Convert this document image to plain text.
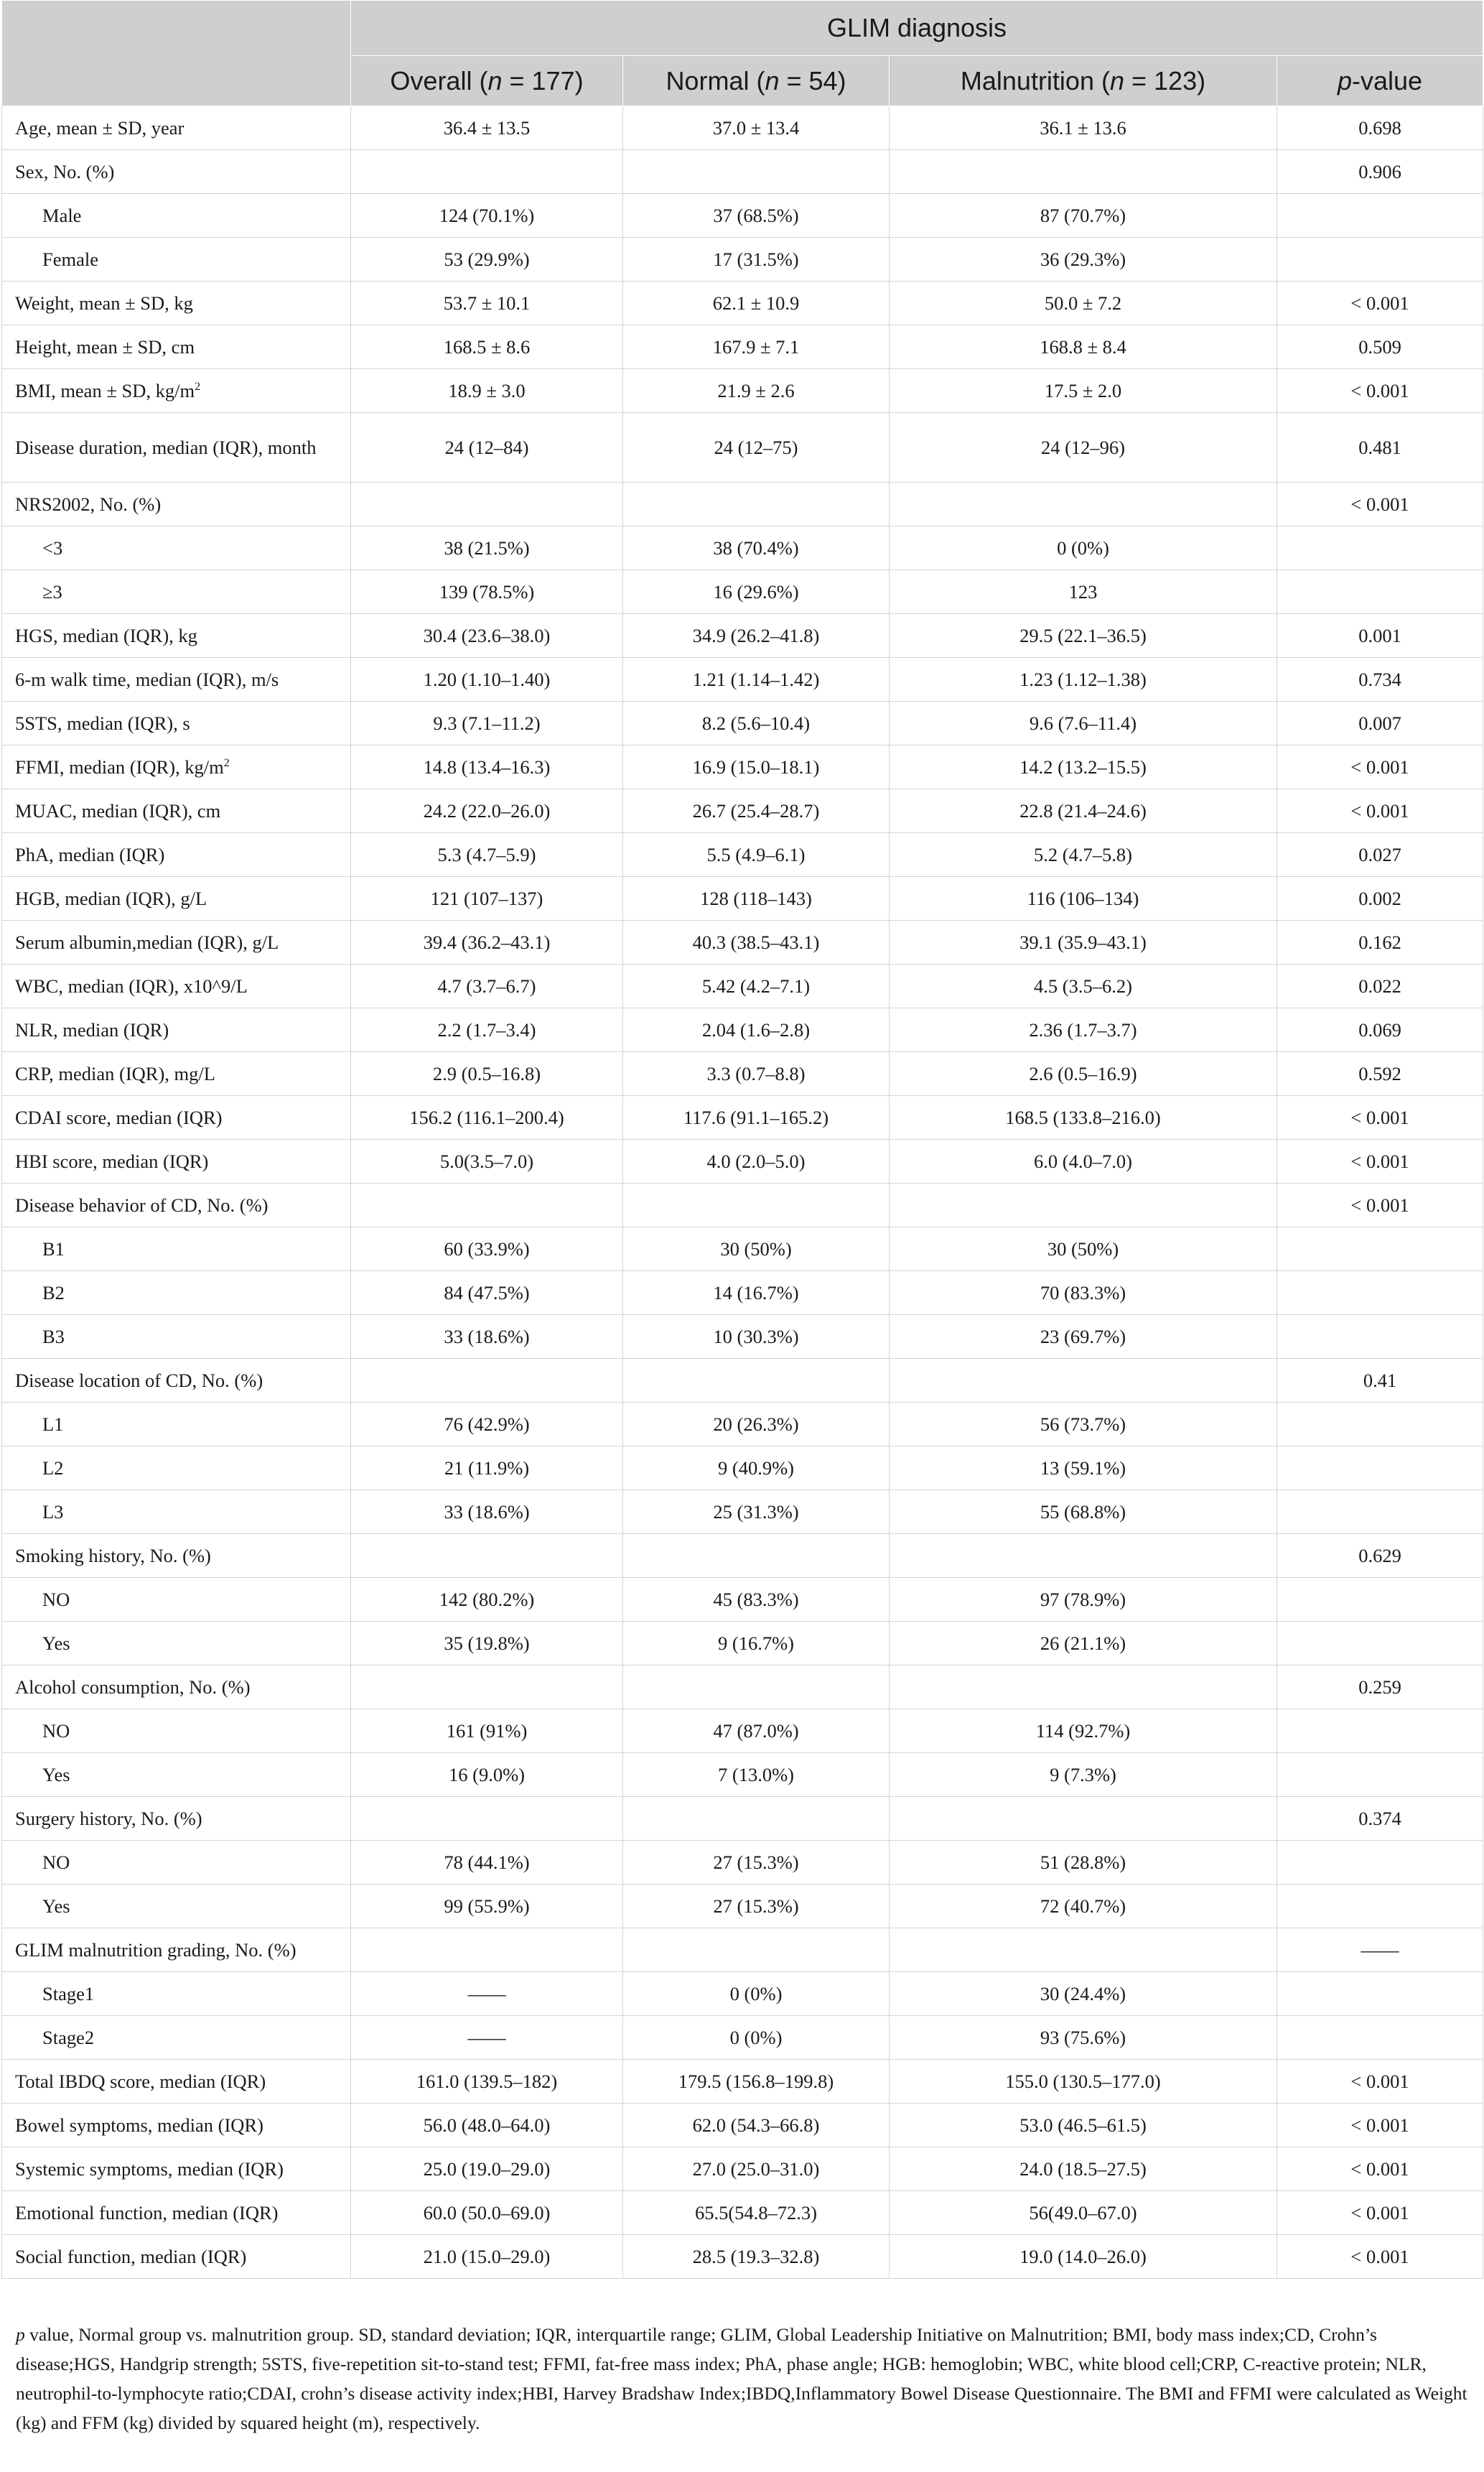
	GLIM diagnosis			
	Overall (n = 177)	Normal (n = 54)	Malnutrition (n = 123)	p-value
Age, mean ± SD, year	36.4 ± 13.5	37.0 ± 13.4	36.1 ± 13.6	0.698
Sex, No. (%)				0.906
Male	124 (70.1%)	37 (68.5%)	87 (70.7%)	
Female	53 (29.9%)	17 (31.5%)	36 (29.3%)	
Weight, mean ± SD, kg	53.7 ± 10.1	62.1 ± 10.9	50.0 ± 7.2	< 0.001
Height, mean ± SD, cm	168.5 ± 8.6	167.9 ± 7.1	168.8 ± 8.4	0.509
BMI, mean ± SD, $kg/m^2$	18.9 ± 3.0	21.9 ± 2.6	17.5 ± 2.0	< 0.001
Disease duration, median (IQR), month	24 (12–84)	24 (12–75)	24 (12–96)	0.481
NRS2002, No. (%)				< 0.001
<3	38 (21.5%)	38 (70.4%)	0 (0%)	
≥3	139 (78.5%)	16 (29.6%)	123	
HGS, median (IQR), kg	30.4 (23.6–38.0)	34.9 (26.2–41.8)	29.5 (22.1–36.5)	0.001
6-m walk time, median (IQR), m/s	1.20 (1.10–1.40)	1.21 (1.14–1.42)	1.23 (1.12–1.38)	0.734
5STS, median (IQR), s	9.3 (7.1–11.2)	8.2 (5.6–10.4)	9.6 (7.6–11.4)	0.007
FFMI, median (IQR), $kg/m^2$	14.8 (13.4–16.3)	16.9 (15.0–18.1)	14.2 (13.2–15.5)	< 0.001
MUAC, median (IQR), cm	24.2 (22.0–26.0)	26.7 (25.4–28.7)	22.8 (21.4–24.6)	< 0.001
PhA, median (IQR)	5.3 (4.7–5.9)	5.5 (4.9–6.1)	5.2 (4.7–5.8)	0.027
HGB, median (IQR), g/L	121 (107–137)	128 (118–143)	116 (106–134)	0.002
Serum albumin,median (IQR), g/L	39.4 (36.2–43.1)	40.3 (38.5–43.1)	39.1 (35.9–43.1)	0.162
WBC, median (IQR), x10^9/L	4.7 (3.7–6.7)	5.42 (4.2–7.1)	4.5 (3.5–6.2)	0.022
NLR, median (IQR)	2.2 (1.7–3.4)	2.04 (1.6–2.8)	2.36 (1.7–3.7)	0.069
CRP, median (IQR), mg/L	2.9 (0.5–16.8)	3.3 (0.7–8.8)	2.6 (0.5–16.9)	0.592
CDAI score, median (IQR)	156.2 (116.1–200.4)	117.6 (91.1–165.2)	168.5 (133.8–216.0)	< 0.001
HBI score, median (IQR)	5.0(3.5–7.0)	4.0 (2.0–5.0)	6.0 (4.0–7.0)	< 0.001
Disease behavior of CD, No. (%)				< 0.001
B1	60 (33.9%)	30 (50%)	30 (50%)	
B2	84 (47.5%)	14 (16.7%)	70 (83.3%)	
B3	33 (18.6%)	10 (30.3%)	23 (69.7%)	
Disease location of CD, No. (%)				0.41
L1	76 (42.9%)	20 (26.3%)	56 (73.7%)	
L2	21 (11.9%)	9 (40.9%)	13 (59.1%)	
L3	33 (18.6%)	25 (31.3%)	55 (68.8%)	
Smoking history, No. (%)				0.629
NO	142 (80.2%)	45 (83.3%)	97 (78.9%)	
Yes	35 (19.8%)	9 (16.7%)	26 (21.1%)	
Alcohol consumption, No. (%)				0.259
NO	161 (91%)	47 (87.0%)	114 (92.7%)	
Yes	16 (9.0%)	7 (13.0%)	9 (7.3%)	
Surgery history, No. (%)				0.374
NO	78 (44.1%)	27 (15.3%)	51 (28.8%)	
Yes	99 (55.9%)	27 (15.3%)	72 (40.7%)	
GLIM malnutrition grading, No. (%)				——
Stage1	——	0 (0%)	30 (24.4%)	
Stage2	——	0 (0%)	93 (75.6%)	
Total IBDQ score, median (IQR)	161.0 (139.5–182)	179.5 (156.8–199.8)	155.0 (130.5–177.0)	< 0.001
Bowel symptoms, median (IQR)	56.0 (48.0–64.0)	62.0 (54.3–66.8)	53.0 (46.5–61.5)	< 0.001
Systemic symptoms, median (IQR)	25.0 (19.0–29.0)	27.0 (25.0–31.0)	24.0 (18.5–27.5)	< 0.001
Emotional function, median (IQR)	60.0 (50.0–69.0)	65.5(54.8–72.3)	56(49.0–67.0)	< 0.001
Social function, median (IQR)	21.0 (15.0–29.0)	28.5 (19.3–32.8)	19.0 (14.0–26.0)	< 0.001
p value, Normal group vs. malnutrition group. SD, standard deviation; IQR, interquartile range; GLIM, Global Leadership Initiative on Malnutrition; BMI, body mass index;CD, Crohn’s disease;HGS, Handgrip strength; 5STS, five-repetition sit-to-stand test; FFMI, fat-free mass index; PhA, phase angle; HGB: hemoglobin; WBC, white blood cell;CRP, C-reactive protein; NLR, neutrophil-to-lymphocyte ratio;CDAI, crohn’s disease activity index;HBI, Harvey Bradshaw Index;IBDQ,Inflammatory Bowel Disease Questionnaire. The BMI and FFMI were calculated as Weight (kg) and FFM (kg) divided by squared height (m), respectively.
